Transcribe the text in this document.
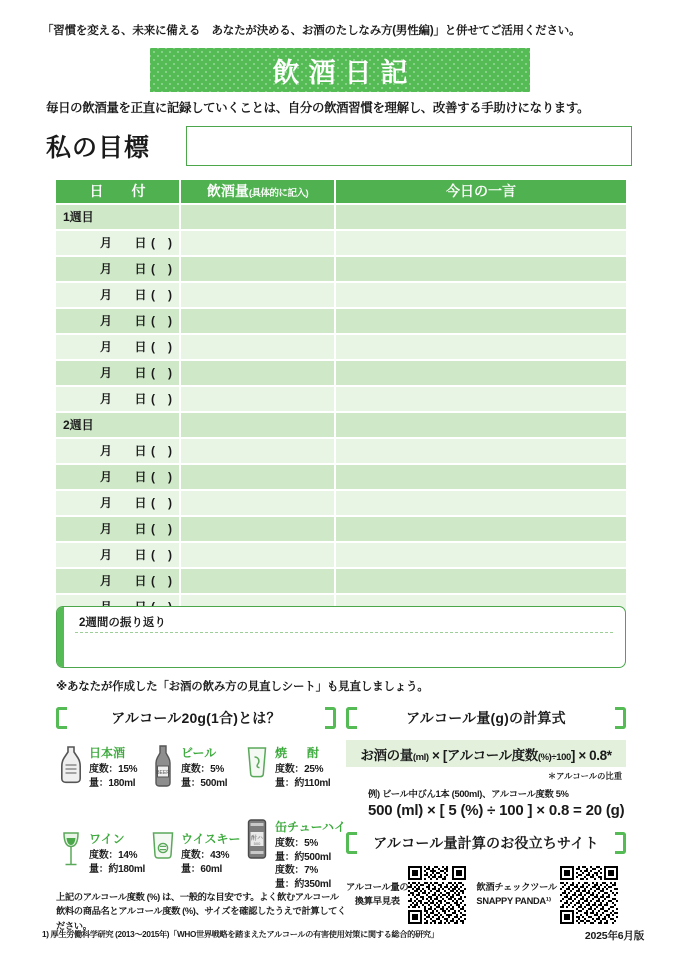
「習慣を変える、未来に備える　あなたが決める、お酒のたしなみ方(男性編)」と併せてご活用ください。
飲酒日記
毎日の飲酒量を正直に記録していくことは、自分の飲酒習慣を理解し、改善する手助けになります。
私の目標
日　付	飲酒量(具体的に記入)	今日の一言
1週目
月 日 (　)
月 日 (　)
月 日 (　)
月 日 (　)
月 日 (　)
月 日 (　)
月 日 (　)
2週目
月 日 (　)
月 日 (　)
月 日 (　)
月 日 (　)
月 日 (　)
月 日 (　)
2週間の振り返り
※あなたが作成した「お酒の飲み方の見直しシート」も見直しましょう。
アルコール20g(1合)とは？
日本酒
度数：15%
量：180ml
BEER
ビール
度数：5%
量：500ml
焼　酎
度数：25%
量：約110ml
ワイン
度数：14%
量：約180ml
ウイスキー
度数：43%
量：60ml
酎ハ
500
缶チューハイ
度数：5%
量：約500ml
度数：7%
量：約350ml
上記のアルコール度数 (%) は、一般的な目安です。よく飲むアルコール飲料の商品名とアルコール度数 (%)、サイズを確認したうえで計算してください。
アルコール量(g)の計算式
お酒の量(ml) × [アルコール度数(%)÷100] × 0.8*
＊アルコールの比重
例) ビール中びん1本 (500ml)、アルコール度数 5%
500 (ml) × [ 5 (%) ÷ 100 ] × 0.8 = 20 (g)
アルコール量計算のお役立ちサイト
アルコール量の
換算早見表
飲酒チェックツール
SNAPPY PANDA¹⁾
1) 厚生労働科学研究 (2013〜2015年)「WHO世界戦略を踏まえたアルコールの有害使用対策に関する総合的研究」	2025年6月版
